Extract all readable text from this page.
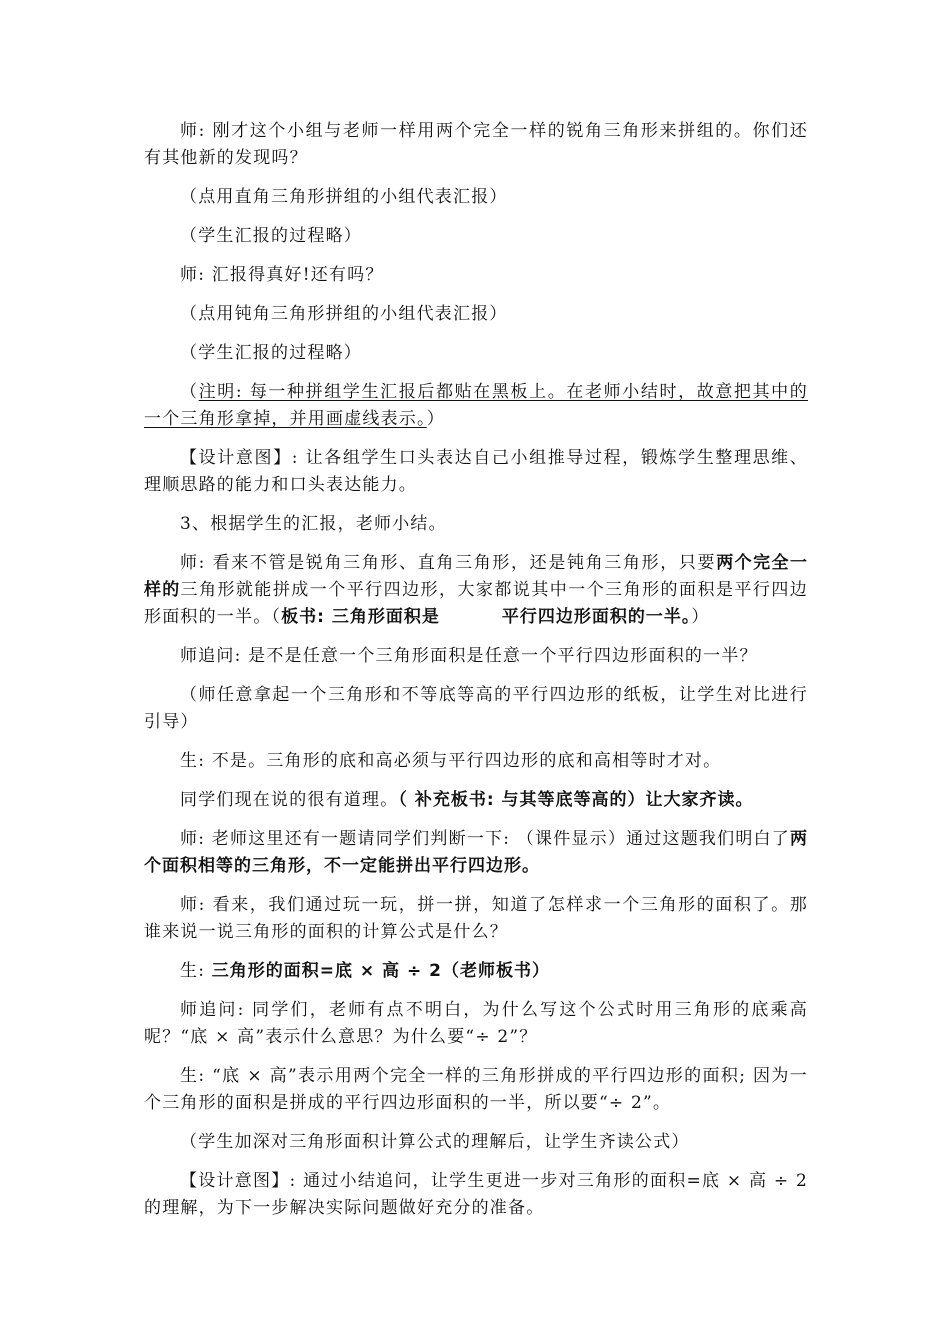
师: 刚才这个小组与老师一样用两个完全一样的锐角三角形来拼组的。你们还有其他新的发现吗？

（点用直角三角形拼组的小组代表汇报）

（学生汇报的过程略）

师: 汇报得真好!还有吗？

（点用钝角三角形拼组的小组代表汇报）

（学生汇报的过程略）

（注明: 每一种拼组学生汇报后都贴在黑板上。在老师小结时，故意把其中的一个三角形拿掉，并用画虚线表示。）

【设计意图】: 让各组学生口头表达自己小组推导过程，锻炼学生整理思维、理顺思路的能力和口头表达能力。

3、根据学生的汇报，老师小结。

师: 看来不管是锐角三角形、直角三角形，还是钝角三角形，只要两个完全一样的三角形就能拼成一个平行四边形，大家都说其中一个三角形的面积是平行四边形面积的一半。（板书: 三角形面积是	平行四边形面积的一半。）

师追问: 是不是任意一个三角形面积是任意一个平行四边形面积的一半？

（师任意拿起一个三角形和不等底等高的平行四边形的纸板，让学生对比进行引导）

生: 不是。三角形的底和高必须与平行四边形的底和高相等时才对。

同学们现在说的很有道理。（ 补充板书: 与其等底等高的）让大家齐读。

师: 老师这里还有一题请同学们判断一下: （课件显示）通过这题我们明白了两个面积相等的三角形，不一定能拼出平行四边形。

师: 看来，我们通过玩一玩，拼一拼，知道了怎样求一个三角形的面积了。那谁来说一说三角形的面积的计算公式是什么？

生: 三角形的面积=底 × 高 ÷ 2（老师板书）

师追问: 同学们，老师有点不明白，为什么写这个公式时用三角形的底乘高呢？“底 × 高”表示什么意思？为什么要“÷ 2”？

生: “底 × 高”表示用两个完全一样的三角形拼成的平行四边形的面积; 因为一个三角形的面积是拼成的平行四边形面积的一半，所以要“÷ 2”。

（学生加深对三角形面积计算公式的理解后，让学生齐读公式）

【设计意图】: 通过小结追问，让学生更进一步对三角形的面积=底 × 高 ÷ 2 的理解，为下一步解决实际问题做好充分的准备。
